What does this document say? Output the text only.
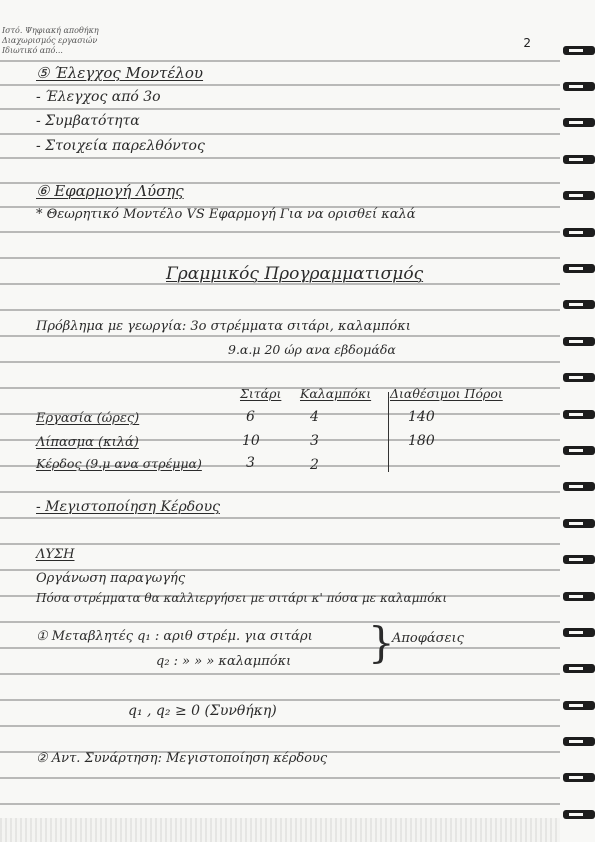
Ιστό. Ψηφιακή αποθήκη
Διαχωρισμός εργασιών
Ιδιωτικό από...
2
⑤ Έλεγχος Μοντέλου
- Έλεγχος από 3ο
- Συμβατότητα
- Στοιχεία παρελθόντος
⑥ Εφαρμογή Λύσης
* Θεωρητικό Μοντέλο VS Εφαρμογή Για να ορισθεί καλά
Γραμμικός Προγραμματισμός
Πρόβλημα με γεωργία: 3ο στρέμματα σιτάρι, καλαμπόκι
9.α.μ 20 ώρ ανα εβδομάδα
Σιτάρι Καλαμπόκι Διαθέσιμοι Πόροι
Εργασία (ώρες)	6	4	140
Λίπασμα (κιλά)	10	3	180
Κέρδος (9.μ ανα στρέμμα)	3	2
- Μεγιστοποίηση Κέρδους
ΛΥΣΗ
Οργάνωση παραγωγής
Πόσα στρέμματα θα καλλιεργήσει με σιτάρι κ' πόσα με καλαμπόκι
① Μεταβλητές q₁ : αριθ στρέμ. για σιτάρι
q₂ : » » » καλαμπόκι }
Αποφάσεις
q₁ , q₂ ≥ 0 (Συνθήκη)
② Αντ. Συνάρτηση: Μεγιστοποίηση κέρδους
